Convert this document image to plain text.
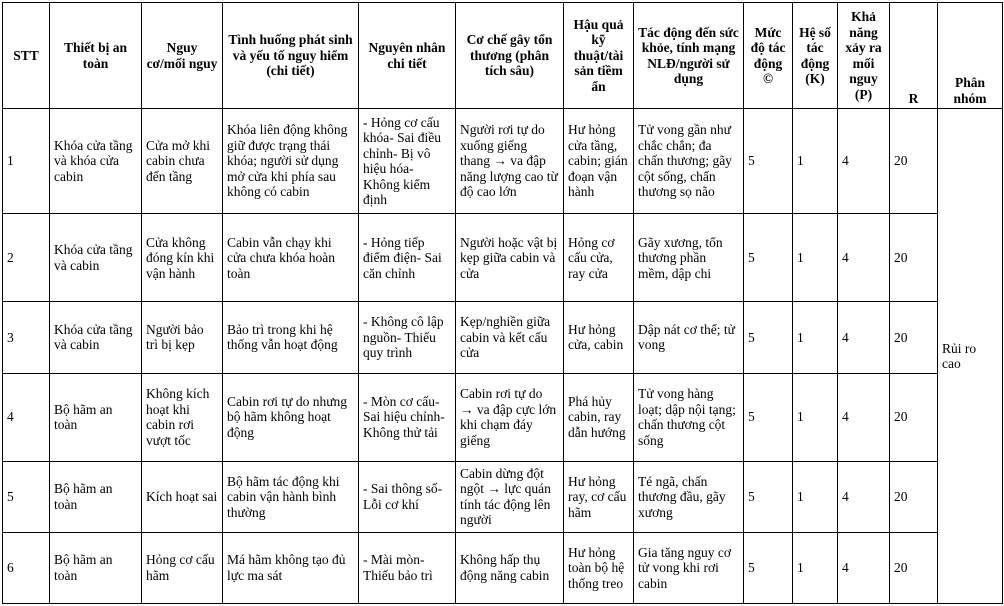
STT	Thiết bị an toàn	Nguy cơ/mối nguy	Tình huống phát sinh và yếu tố nguy hiểm (chi tiết)	Nguyên nhân chi tiết	Cơ chế gây tổn thương (phân tích sâu)	Hậu quả kỹ thuật/tài sản tiềm ẩn	Tác động đến sức khỏe, tính mạng NLĐ/người sử dụng	Mức độ tác động ©	Hệ số tác động (K)	Khả năng xảy ra mối nguy (P)	R	Phân nhóm
1	Khóa cửa tầng và khóa cửa cabin	Cửa mở khi cabin chưa đến tầng	Khóa liên động không giữ được trạng thái khóa; người sử dụng mở cửa khi phía sau không có cabin	- Hỏng cơ cấu khóa- Sai điều chỉnh- Bị vô hiệu hóa- Không kiểm định	Người rơi tự do xuống giếng thang → va đập năng lượng cao từ độ cao lớn	Hư hỏng cửa tầng, cabin; gián đoạn vận hành	Tử vong gần như chắc chắn; đa chấn thương; gãy cột sống, chấn thương sọ não	5	1	4	20	Rủi ro cao
2	Khóa cửa tầng và cabin	Cửa không đóng kín khi vận hành	Cabin vẫn chạy khi cửa chưa khóa hoàn toàn	- Hỏng tiếp điểm điện- Sai căn chỉnh	Người hoặc vật bị kẹp giữa cabin và cửa	Hỏng cơ cấu cửa, ray cửa	Gãy xương, tổn thương phần mềm, dập chi	5	1	4	20	
3	Khóa cửa tầng và cabin	Người bảo trì bị kẹp	Bảo trì trong khi hệ thống vẫn hoạt động	- Không cô lập nguồn- Thiếu quy trình	Kẹp/nghiền giữa cabin và kết cấu cửa	Hư hỏng cửa, cabin	Dập nát cơ thể; tử vong	5	1	4	20	
4	Bộ hãm an toàn	Không kích hoạt khi cabin rơi vượt tốc	Cabin rơi tự do nhưng bộ hãm không hoạt động	- Mòn cơ cấu- Sai hiệu chỉnh- Không thử tải	Cabin rơi tự do → va đập cực lớn khi chạm đáy giếng	Phá hủy cabin, ray dẫn hướng	Tử vong hàng loạt; dập nội tạng; chấn thương cột sống	5	1	4	20	
5	Bộ hãm an toàn	Kích hoạt sai	Bộ hãm tác động khi cabin vận hành bình thường	- Sai thông số- Lỗi cơ khí	Cabin dừng đột ngột → lực quán tính tác động lên người	Hư hỏng ray, cơ cấu hãm	Té ngã, chấn thương đầu, gãy xương	5	1	4	20	
6	Bộ hãm an toàn	Hỏng cơ cấu hãm	Má hãm không tạo đủ lực ma sát	- Mài mòn- Thiếu bảo trì	Không hấp thụ động năng cabin	Hư hỏng toàn bộ hệ thống treo	Gia tăng nguy cơ tử vong khi rơi cabin	5	1	4	20	
